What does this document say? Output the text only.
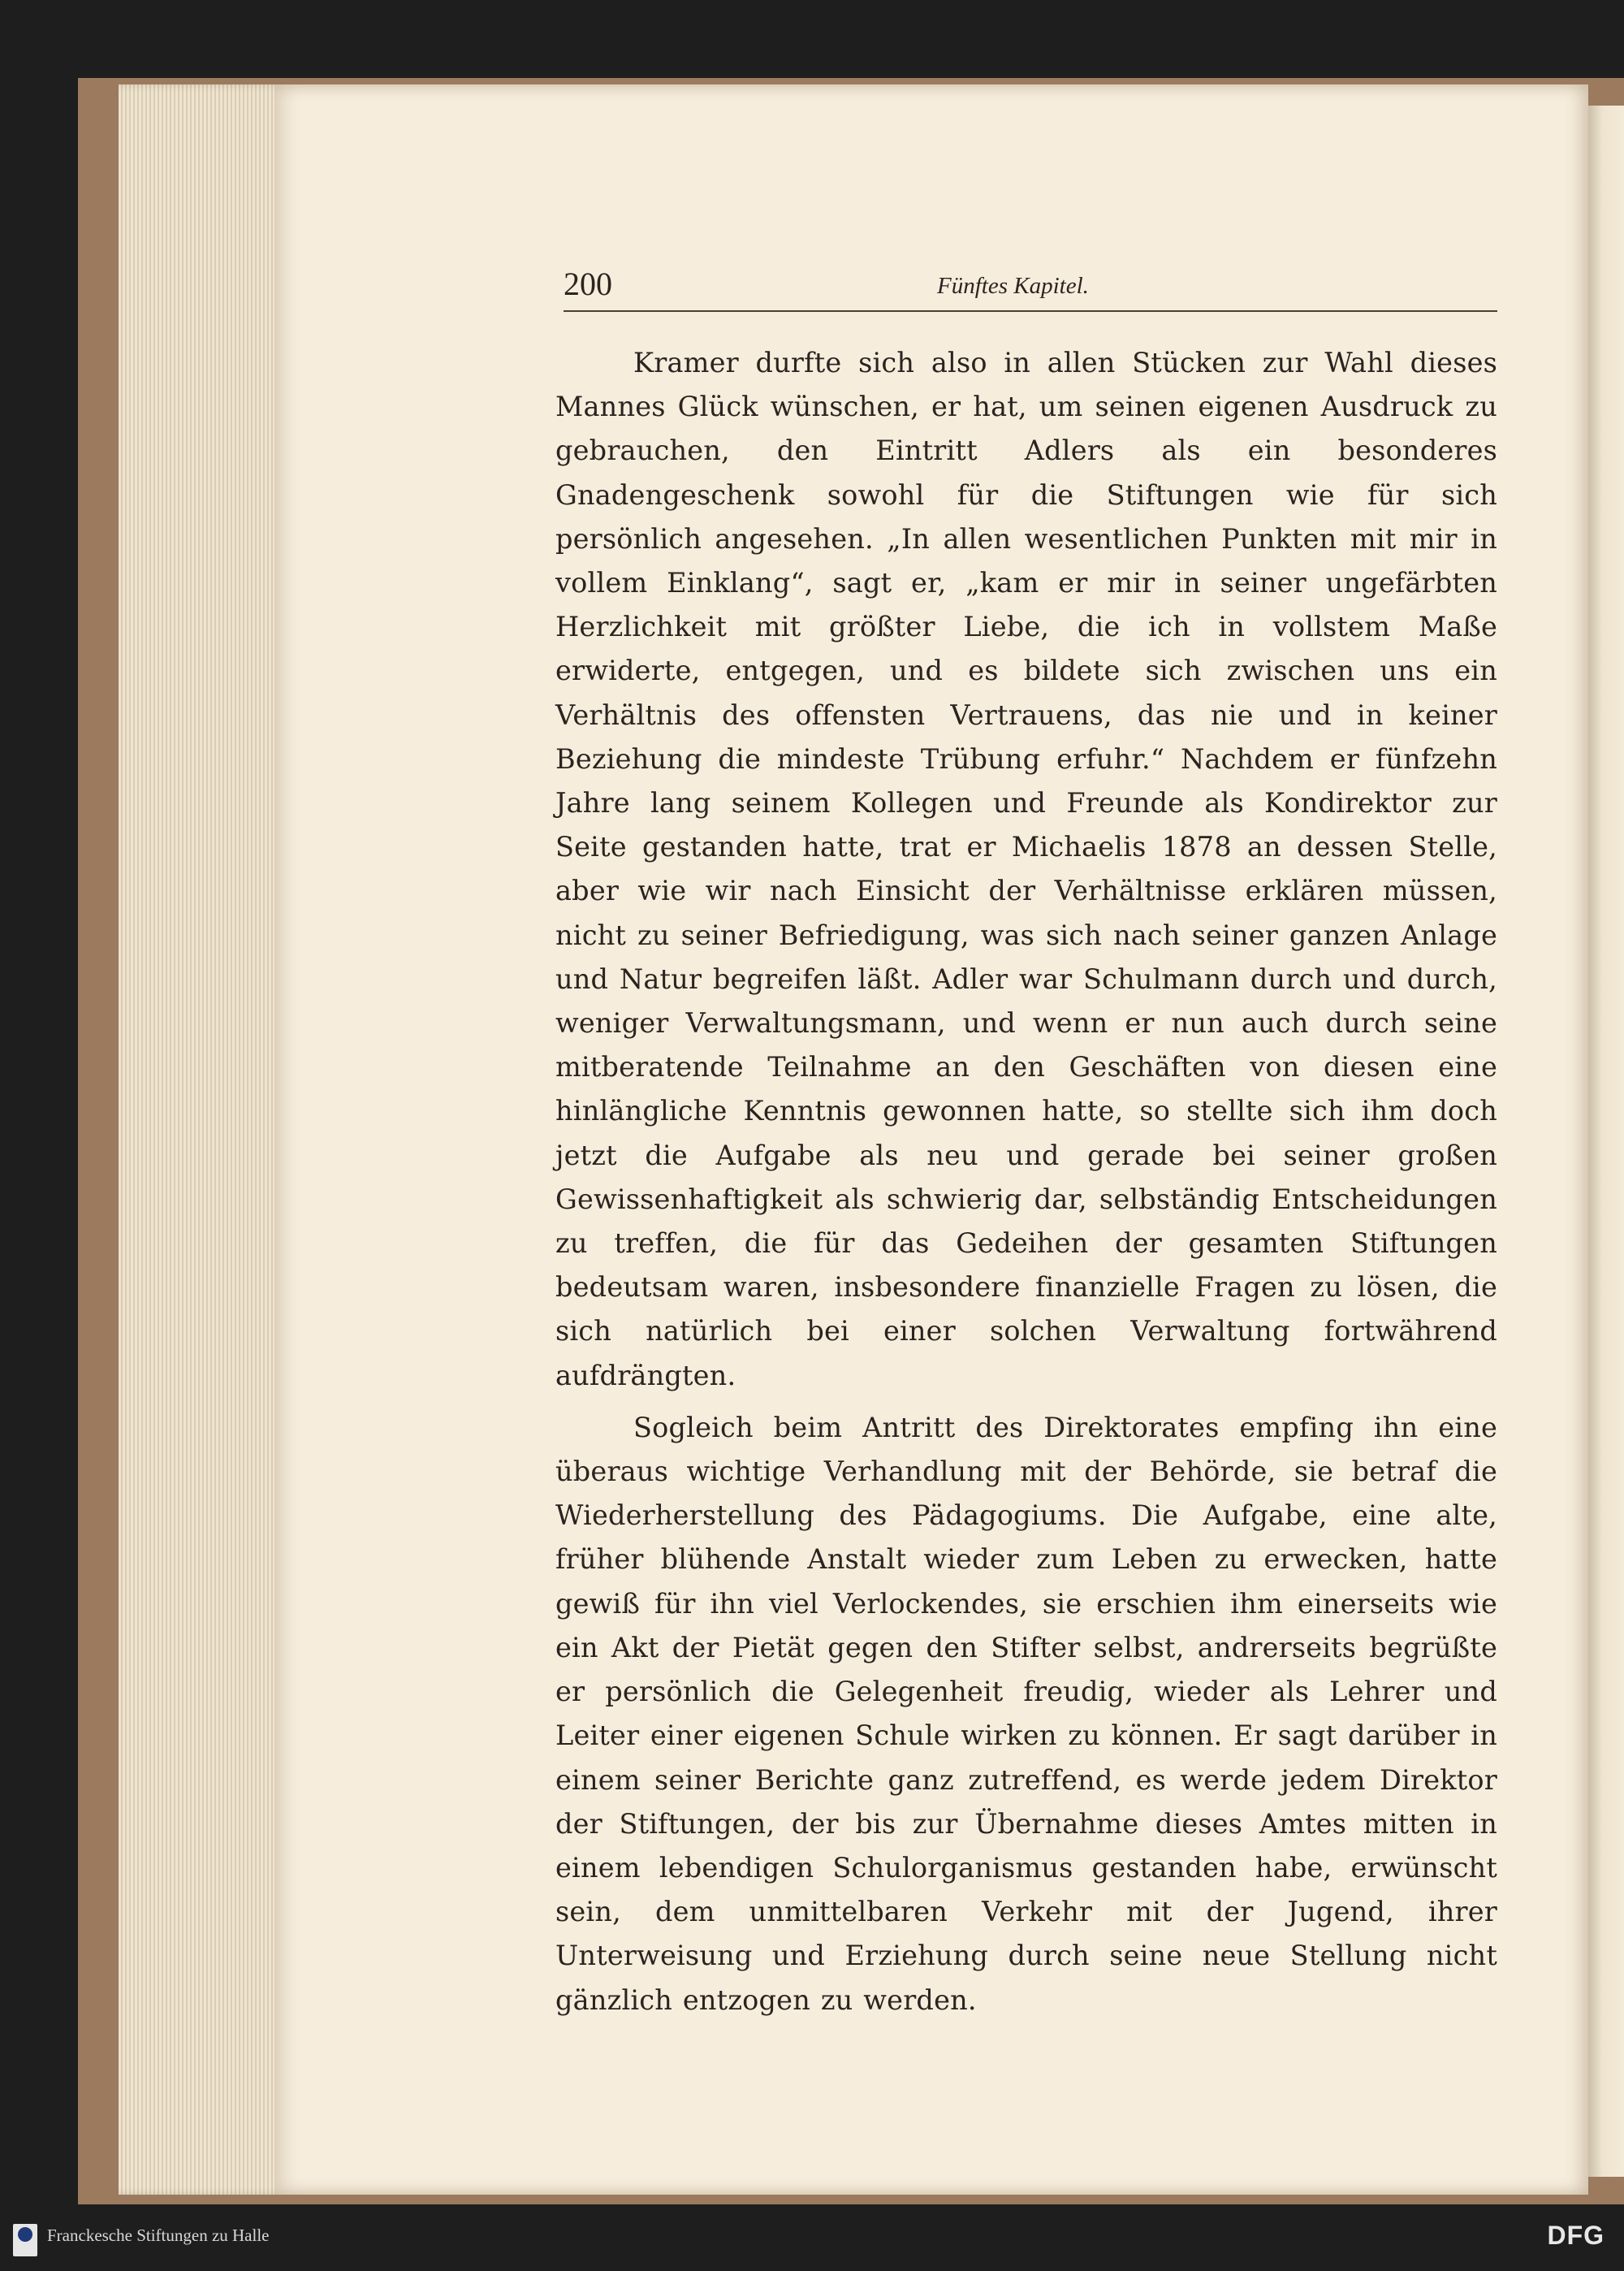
200	Fünftes Kapitel.

Kramer durfte sich also in allen Stücken zur Wahl dieses Mannes Glück wünschen, er hat, um seinen eigenen Ausdruck zu gebrauchen, den Eintritt Adlers als ein besonderes Gnadengeschenk sowohl für die Stiftungen wie für sich persönlich angesehen. „In allen wesentlichen Punkten mit mir in vollem Einklang“, sagt er, „kam er mir in seiner ungefärbten Herzlichkeit mit größter Liebe, die ich in vollstem Maße erwiderte, entgegen, und es bildete sich zwischen uns ein Verhältnis des offensten Vertrauens, das nie und in keiner Beziehung die mindeste Trübung erfuhr.“ Nachdem er fünfzehn Jahre lang seinem Kollegen und Freunde als Kondirektor zur Seite gestanden hatte, trat er Michaelis 1878 an dessen Stelle, aber wie wir nach Einsicht der Verhältnisse erklären müssen, nicht zu seiner Befriedigung, was sich nach seiner ganzen Anlage und Natur begreifen läßt. Adler war Schulmann durch und durch, weniger Verwaltungsmann, und wenn er nun auch durch seine mitberatende Teilnahme an den Geschäften von diesen eine hinlängliche Kenntnis gewonnen hatte, so stellte sich ihm doch jetzt die Aufgabe als neu und gerade bei seiner großen Gewissenhaftigkeit als schwierig dar, selbständig Entscheidungen zu treffen, die für das Gedeihen der gesamten Stiftungen bedeutsam waren, insbesondere finanzielle Fragen zu lösen, die sich natürlich bei einer solchen Verwaltung fortwährend aufdrängten.

Sogleich beim Antritt des Direktorates empfing ihn eine überaus wichtige Verhandlung mit der Behörde, sie betraf die Wiederherstellung des Pädagogiums. Die Aufgabe, eine alte, früher blühende Anstalt wieder zum Leben zu erwecken, hatte gewiß für ihn viel Verlockendes, sie erschien ihm einerseits wie ein Akt der Pietät gegen den Stifter selbst, andrerseits begrüßte er persönlich die Gelegenheit freudig, wieder als Lehrer und Leiter einer eigenen Schule wirken zu können. Er sagt darüber in einem seiner Berichte ganz zutreffend, es werde jedem Direktor der Stiftungen, der bis zur Übernahme dieses Amtes mitten in einem lebendigen Schulorganismus gestanden habe, erwünscht sein, dem unmittelbaren Verkehr mit der Jugend, ihrer Unterweisung und Erziehung durch seine neue Stellung nicht gänzlich entzogen zu werden.

Franckesche Stiftungen zu Halle	DFG
